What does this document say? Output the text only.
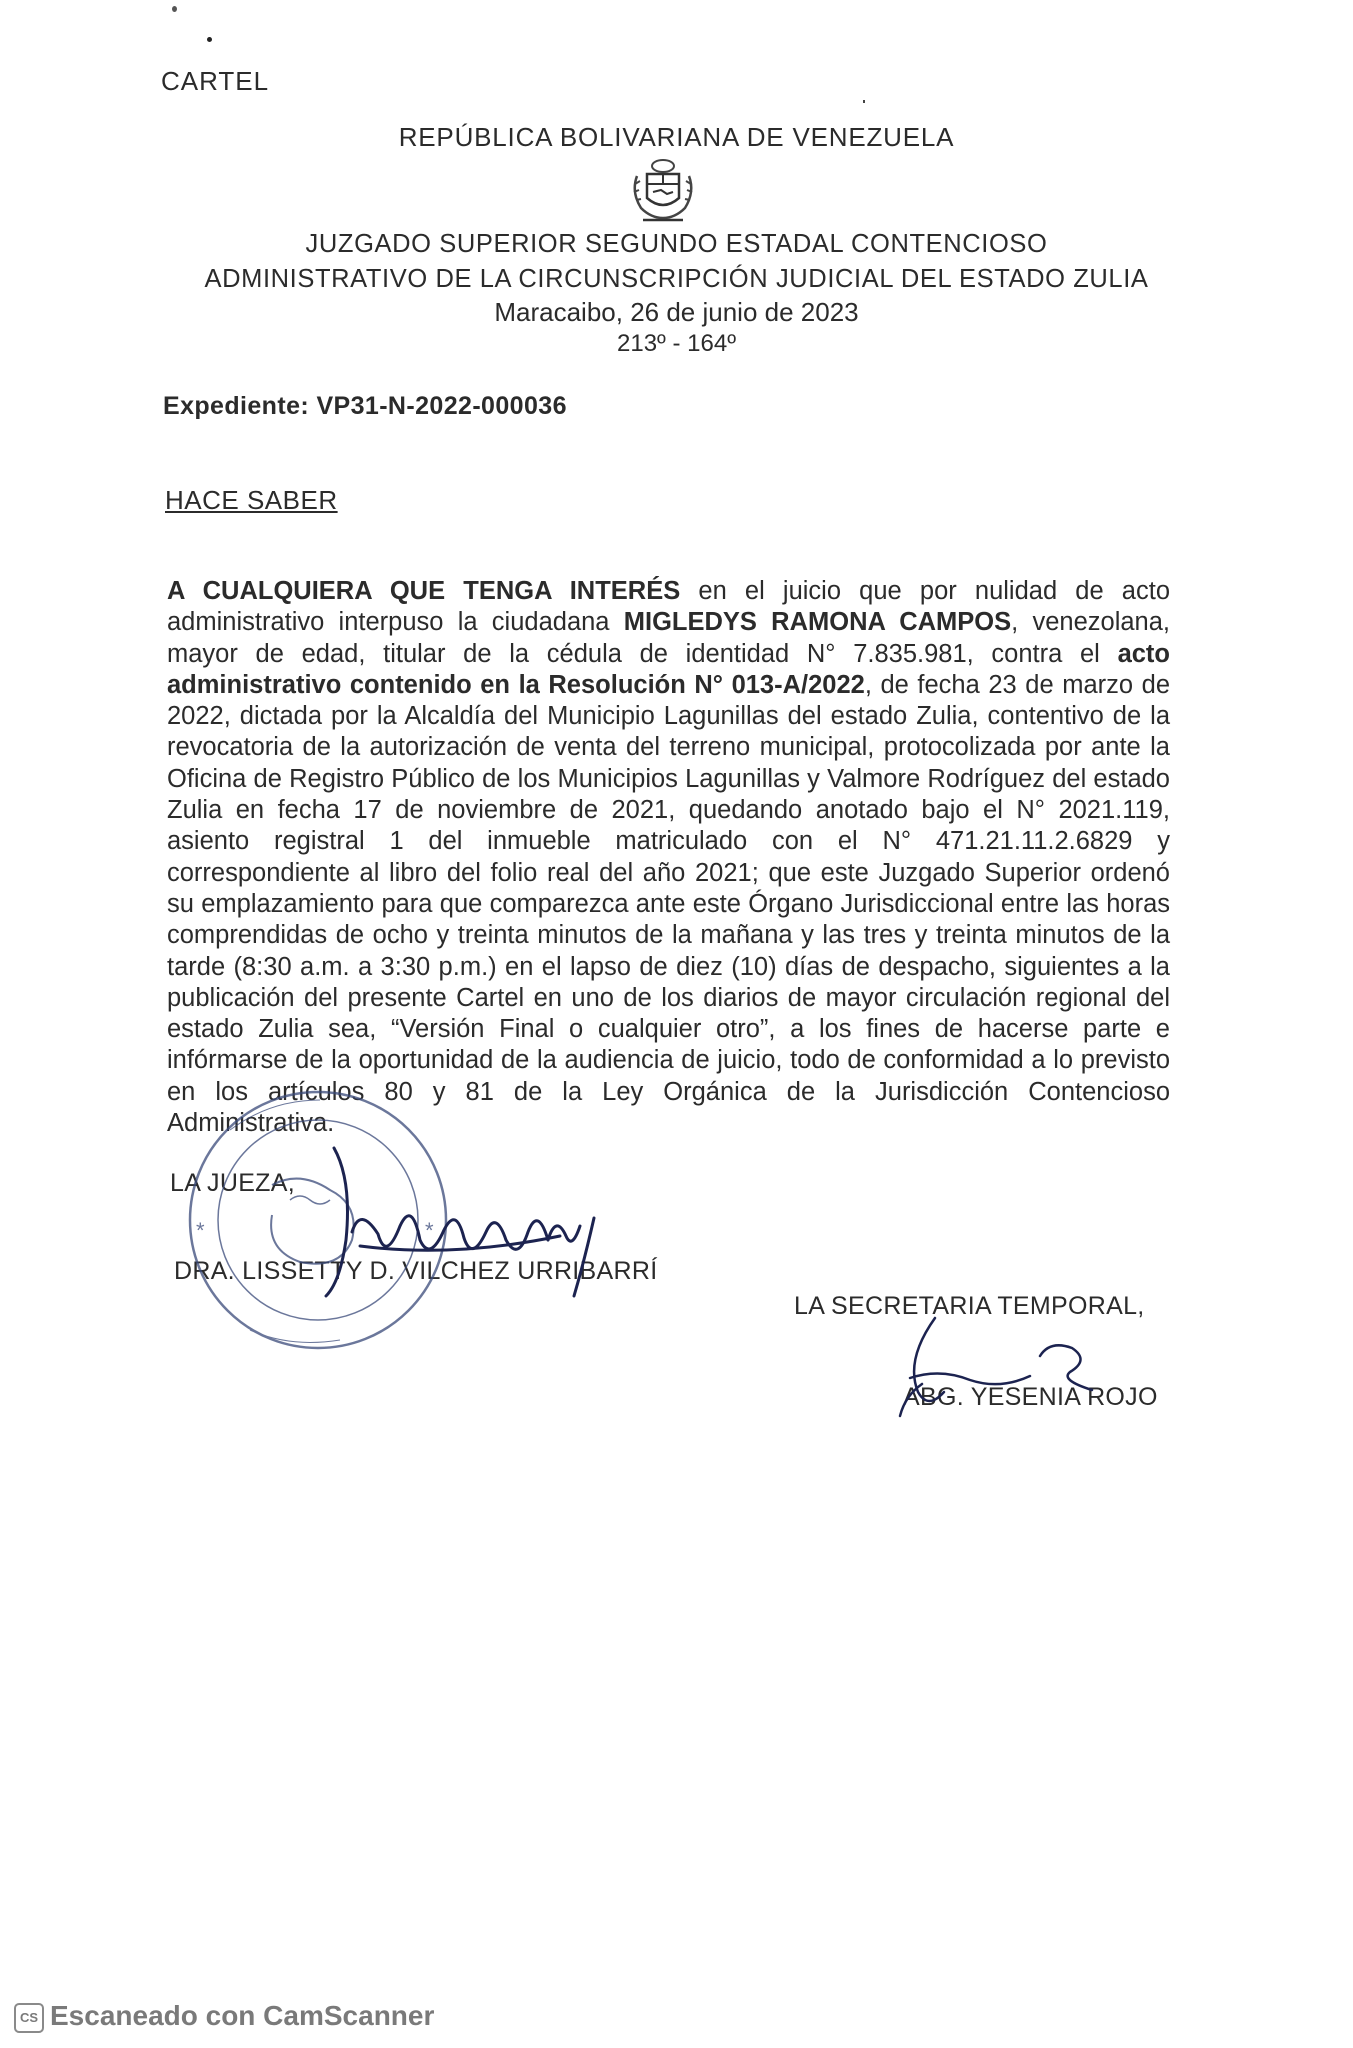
CARTEL
REPÚBLICA BOLIVARIANA DE VENEZUELA
JUZGADO SUPERIOR SEGUNDO ESTADAL CONTENCIOSO
ADMINISTRATIVO DE LA CIRCUNSCRIPCIÓN JUDICIAL DEL ESTADO ZULIA
Maracaibo, 26 de junio de 2023
213º - 164º
Expediente: VP31-N-2022-000036
HACE SABER
A CUALQUIERA QUE TENGA INTERÉS en el juicio que por nulidad de acto administrativo interpuso la ciudadana MIGLEDYS RAMONA CAMPOS, venezolana, mayor de edad, titular de la cédula de identidad N° 7.835.981, contra el acto administrativo contenido en la Resolución N° 013-A/2022, de fecha 23 de marzo de 2022, dictada por la Alcaldía del Municipio Lagunillas del estado Zulia, contentivo de la revocatoria de la autorización de venta del terreno municipal, protocolizada por ante la Oficina de Registro Público de los Municipios Lagunillas y Valmore Rodríguez del estado Zulia en fecha 17 de noviembre de 2021, quedando anotado bajo el N° 2021.119, asiento registral 1 del inmueble matriculado con el N° 471.21.11.2.6829 y correspondiente al libro del folio real del año 2021; que este Juzgado Superior ordenó su emplazamiento para que comparezca ante este Órgano Jurisdiccional entre las horas comprendidas de ocho y treinta minutos de la mañana y las tres y treinta minutos de la tarde (8:30 a.m. a 3:30 p.m.) en el lapso de diez (10) días de despacho, siguientes a la publicación del presente Cartel en uno de los diarios de mayor circulación regional del estado Zulia sea, “Versión Final o cualquier otro”, a los fines de hacerse parte e infórmarse de la oportunidad de la audiencia de juicio, todo de conformidad a lo previsto en los artículos 80 y 81 de la Ley Orgánica de la Jurisdicción Contencioso Administrativa.
LA JUEZA,
DRA. LISSETTY D. VILCHEZ URRIBARRÍ
LA SECRETARIA TEMPORAL,
ABG. YESENIA ROJO
*	*
CS Escaneado con CamScanner
